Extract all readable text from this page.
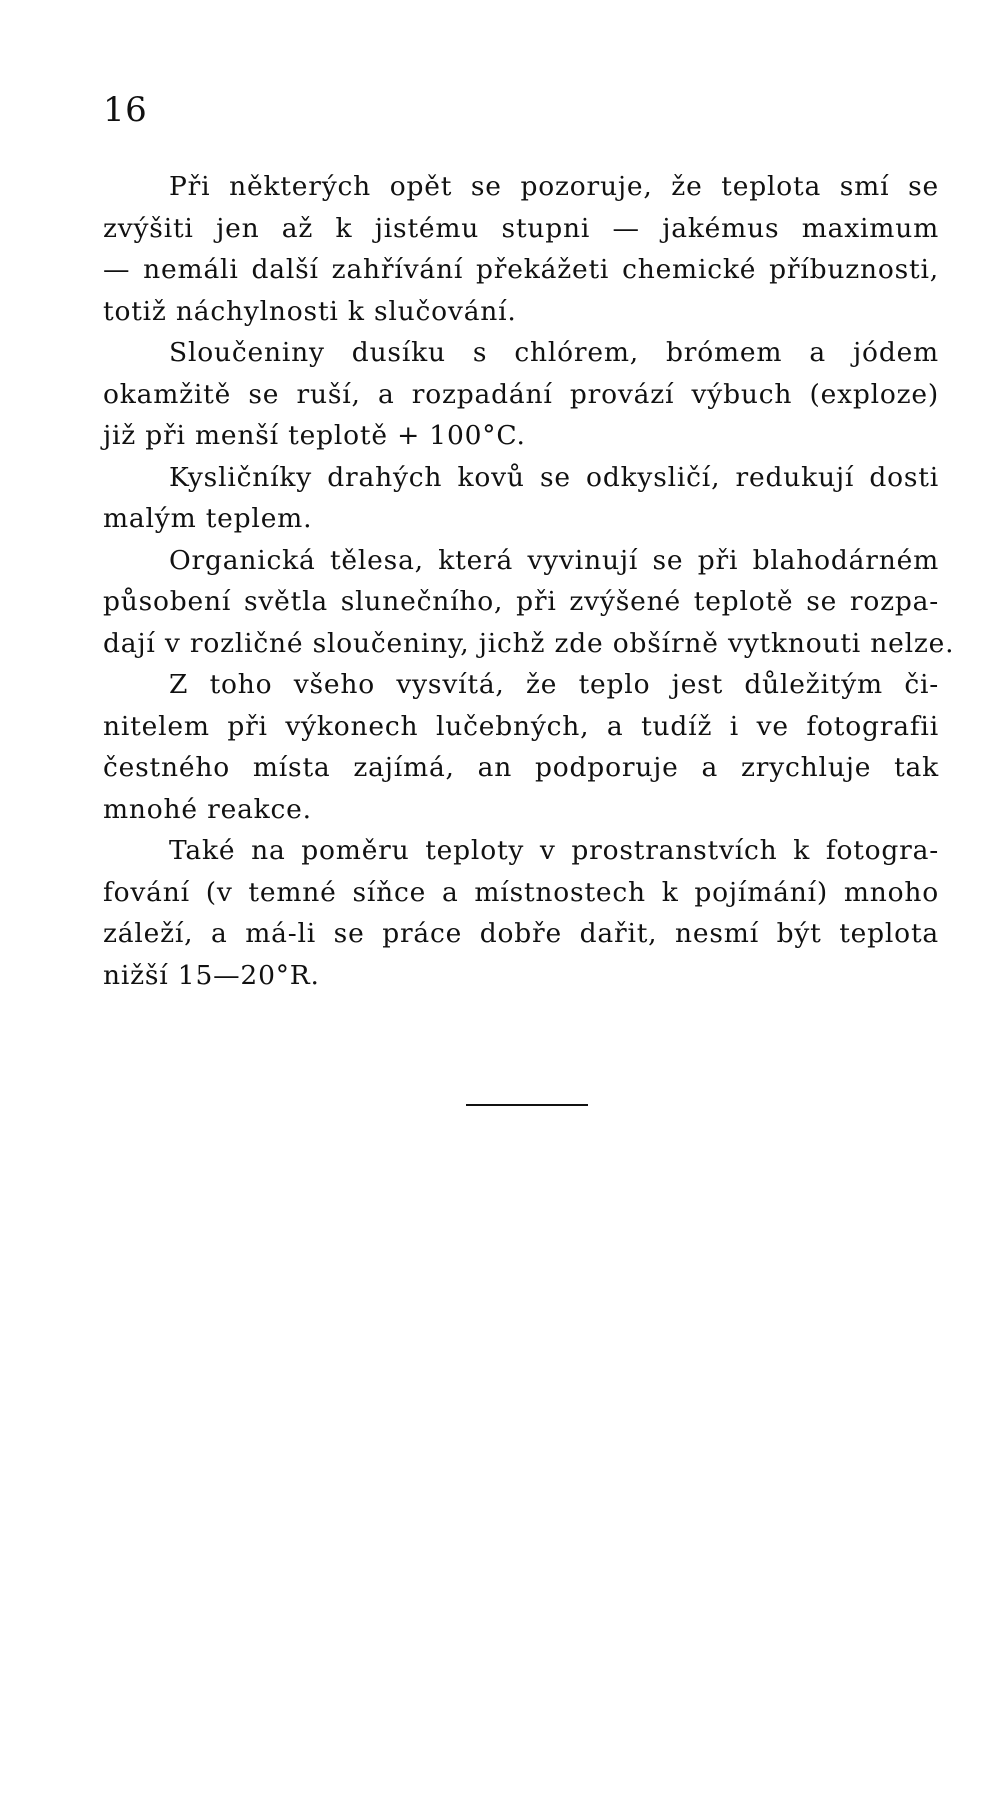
16
Při některých opět se pozoruje, že teplota smí se
zvýšiti jen až k jistému stupni — jakémus maximum
— nemáli další zahřívání překážeti chemické příbuznosti,
totiž náchylnosti k slučování.
Sloučeniny dusíku s chlórem, brómem a jódem
okamžitě se ruší, a rozpadání provází výbuch (exploze)
již při menší teplotě + 100°C.
Kysličníky drahých kovů se odkysličí, redukují dosti
malým teplem.
Organická tělesa, která vyvinují se při blahodárném
působení světla slunečního, při zvýšené teplotě se rozpa-
dají v rozličné sloučeniny, jichž zde obšírně vytknouti nelze.
Z toho všeho vysvítá, že teplo jest důležitým či-
nitelem při výkonech lučebných, a tudíž i ve fotografii
čestného místa zajímá, an podporuje a zrychluje tak
mnohé reakce.
Také na poměru teploty v prostranstvích k fotogra-
fování (v temné síňce a místnostech k pojímání) mnoho
záleží, a má-li se práce dobře dařit, nesmí být teplota
nižší 15—20°R.
